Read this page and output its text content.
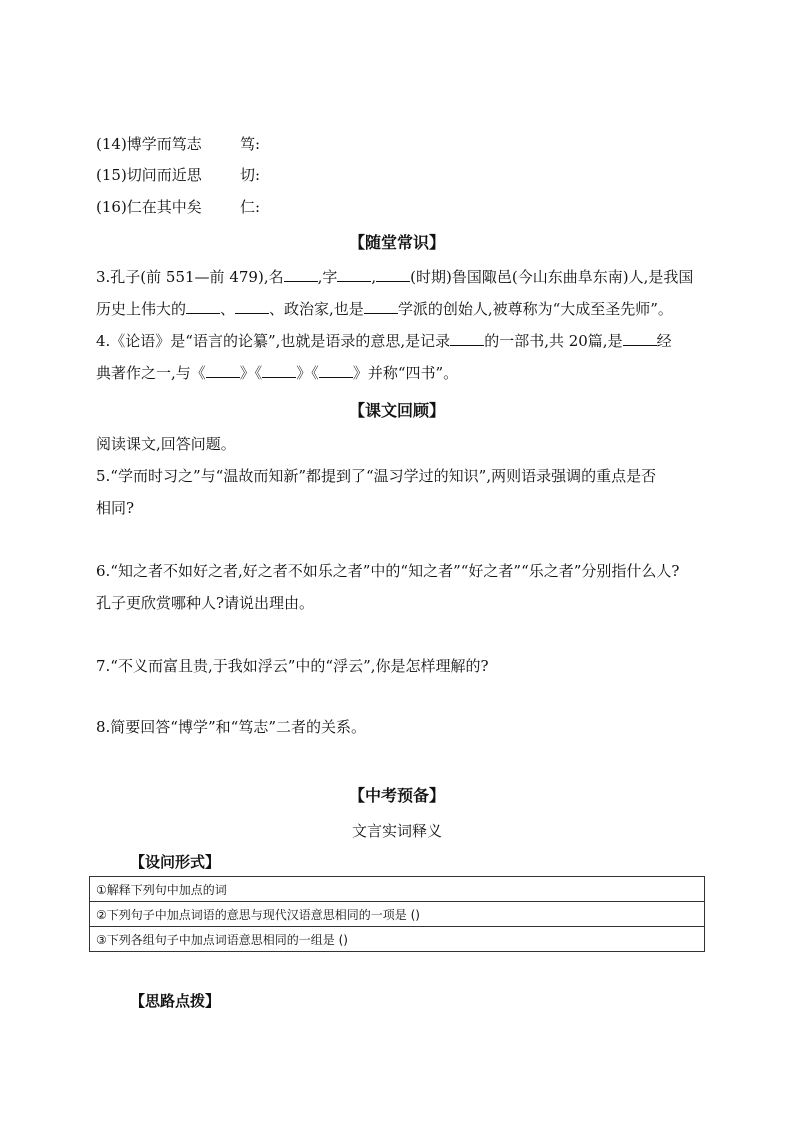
(14)博学而笃志	笃:
(15)切问而近思	切:
(16)仁在其中矣	仁:
【随堂常识】
3.孔子(前 551—前 479),名 ,字 , (时期)鲁国陬邑(今山东曲阜东南)人,是我国
历史上伟大的 、 、政治家,也是 学派的创始人,被尊称为“大成至圣先师”。
4.《论语》是“语言的论纂”,也就是语录的意思,是记录 的一部书,共 20篇,是 经
典著作之一,与《 》《 》《 》并称“四书”。
【课文回顾】
阅读课文,回答问题。
5.“学而时习之”与“温故而知新”都提到了“温习学过的知识”,两则语录强调的重点是否
相同?
6.“知之者不如好之者,好之者不如乐之者”中的“知之者”“好之者”“乐之者”分别指什么人?
孔子更欣赏哪种人?请说出理由。
7.“不义而富且贵,于我如浮云”中的“浮云”,你是怎样理解的?
8.简要回答“博学”和“笃志”二者的关系。
【中考预备】
文言实词释义
【设问形式】
①解释下列句中加点的词
②下列句子中加点词语的意思与现代汉语意思相同的一项是 ()
③下列各组句子中加点词语意思相同的一组是 ()
【思路点拨】
